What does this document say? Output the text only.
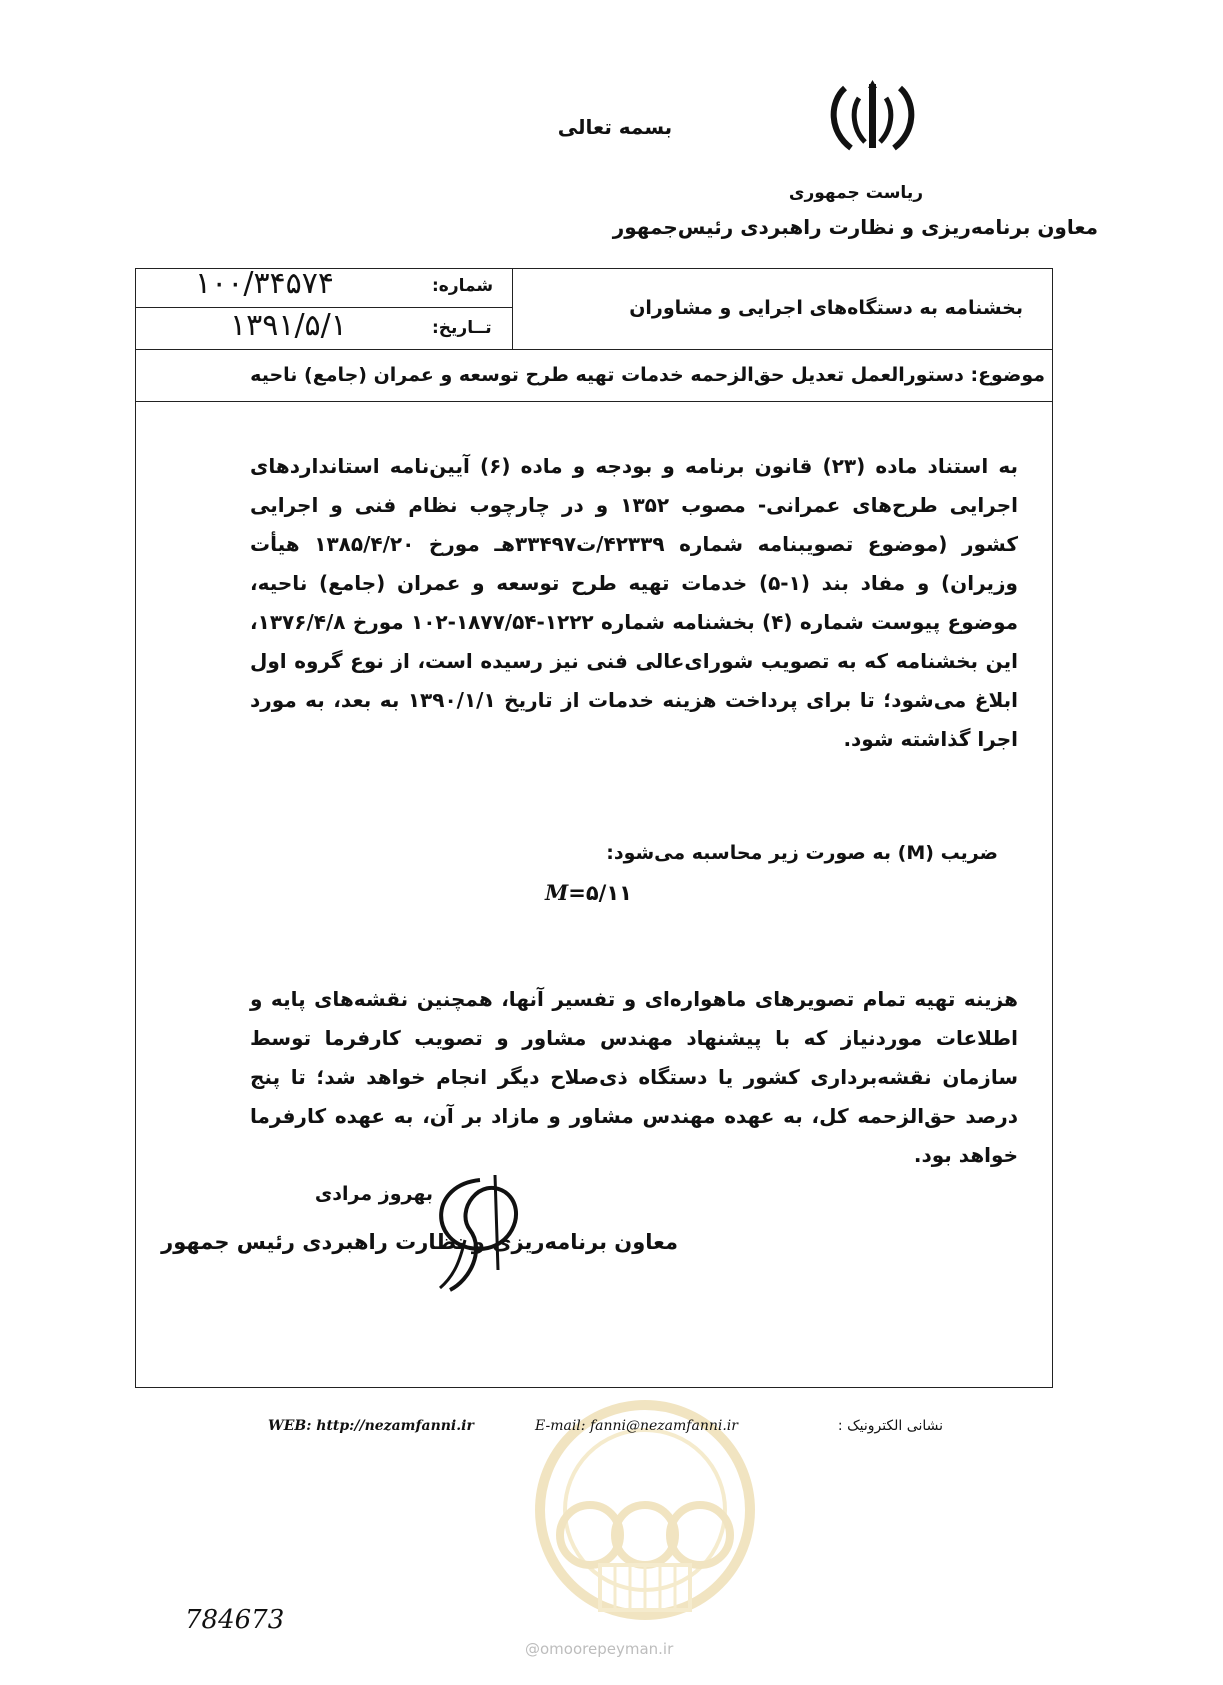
بسمه تعالی
ریاست جمهوری
معاون برنامه‌ریزی و نظارت راهبردی رئیس‌جمهور
شماره:
۱۰۰/۳۴۵۷۴
تــاریخ:
۱۳۹۱/۵/۱	بخشنامه به دستگاه‌های اجرایی و مشاوران
موضوع: دستورالعمل تعدیل حق‌الزحمه خدمات تهیه طرح توسعه و عمران (جامع) ناحیه
به استناد ماده (۲۳) قانون برنامه و بودجه و ماده (۶) آیین‌نامه استانداردهای اجرایی طرح‌های عمرانی- مصوب ۱۳۵۲ و در چارچوب نظام فنی و اجرایی کشور (موضوع تصویبنامه شماره ۴۲۳۳۹/ت۳۳۴۹۷هـ مورخ ۱۳۸۵/۴/۲۰ هیأت وزیران) و مفاد بند (۱-۵) خدمات تهیه طرح توسعه و عمران (جامع) ناحیه، موضوع پیوست شماره (۴) بخشنامه شماره ۱۲۲۲-۱۸۷۷/۵۴-۱۰۲ مورخ ۱۳۷۶/۴/۸، این بخشنامه که به تصویب شورای‌عالی فنی نیز رسیده است، از نوع گروه اول ابلاغ می‌شود؛ تا برای پرداخت هزینه خدمات از تاریخ ۱۳۹۰/۱/۱ به بعد، به مورد اجرا گذاشته شود.
ضریب (M) به صورت زیر محاسبه می‌شود:
M=۵/۱۱
هزینه تهیه تمام تصویرهای ماهواره‌ای و تفسیر آنها، همچنین نقشه‌های پایه و اطلاعات موردنیاز که با پیشنهاد مهندس مشاور و تصویب کارفرما توسط سازمان نقشه‌برداری کشور یا دستگاه ذی‌صلاح دیگر انجام خواهد شد؛ تا پنج درصد حق‌الزحمه کل، به عهده مهندس مشاور و مازاد بر آن، به عهده کارفرما خواهد بود.
بهروز مرادی
معاون برنامه‌ریزی و نظارت راهبردی رئیس جمهور
@omoorepeyman.ir
WEB: http://nezamfanni.ir	E-mail: fanni@nezamfanni.ir	نشانی الکترونیک :
784673
